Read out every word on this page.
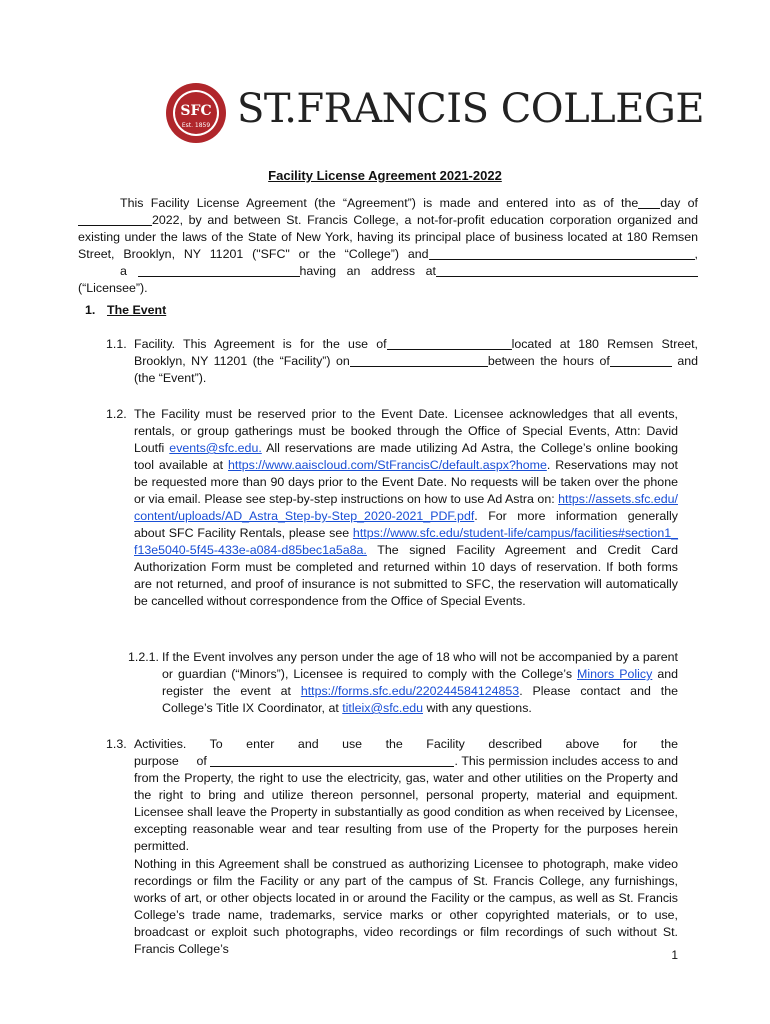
SFC
Est. 1859 ST.FRANCIS COLLEGE
Facility License Agreement 2021-2022
This Facility License Agreement (the “Agreement”) is made and entered into as of the day of 2022, by and between St. Francis College, a not-for-profit education corporation organized and existing under the laws of the State of New York, having its principal place of business located at 180 Remsen Street, Brooklyn, NY 11201 ("SFC" or the “College”) and	, a	having an address at(“Licensee”).
1. The Event
1.1. Facility. This Agreement is for the use of	located at 180 Remsen Street, Brooklyn, NY 11201 (the “Facility”) on	between the hours of	and (the “Event”).
1.2. The Facility must be reserved prior to the Event Date. Licensee acknowledges that all events, rentals, or group gatherings must be booked through the Office of Special Events, Attn: David Loutfi events@sfc.edu. All reservations are made utilizing Ad Astra, the College’s online booking tool available at https://www.aaiscloud.com/StFrancisC/default.aspx?home. Reservations may not be requested more than 90 days prior to the Event Date. No requests will be taken over the phone or via email. Please see step-by-step instructions on how to use Ad Astra on: https://assets.sfc.edu/content/uploads/AD_Astra_Step-by-Step_2020-2021_PDF.pdf. For more information generally about SFC Facility Rentals, please see https://www.sfc.edu/student-life/campus/facilities#section1_f13e5040-5f45-433e-a084-d85bec1a5a8a. The signed Facility Agreement and Credit Card Authorization Form must be completed and returned within 10 days of reservation. If both forms are not returned, and proof of insurance is not submitted to SFC, the reservation will automatically be cancelled without correspondence from the Office of Special Events.
1.2.1. If the Event involves any person under the age of 18 who will not be accompanied by a parent or guardian (“Minors”), Licensee is required to comply with the College’s Minors Policy and register the event at https://forms.sfc.edu/220244584124853. Please contact and the College’s Title IX Coordinator, at titleix@sfc.edu with any questions.
1.3. Activities. To enter and use the Facility described above for the purpose of	. This permission includes access to and from the Property, the right to use the electricity, gas, water and other utilities on the Property and the right to bring and utilize thereon personnel, personal property, material and equipment. Licensee shall leave the Property in substantially as good condition as when received by Licensee, excepting reasonable wear and tear resulting from use of the Property for the purposes herein permitted.
Nothing in this Agreement shall be construed as authorizing Licensee to photograph, make video recordings or film the Facility or any part of the campus of St. Francis College, any furnishings, works of art, or other objects located in or around the Facility or the campus, as well as St. Francis College’s trade name, trademarks, service marks or other copyrighted materials, or to use, broadcast or exploit such photographs, video recordings or film recordings of such without St. Francis College’s	1
